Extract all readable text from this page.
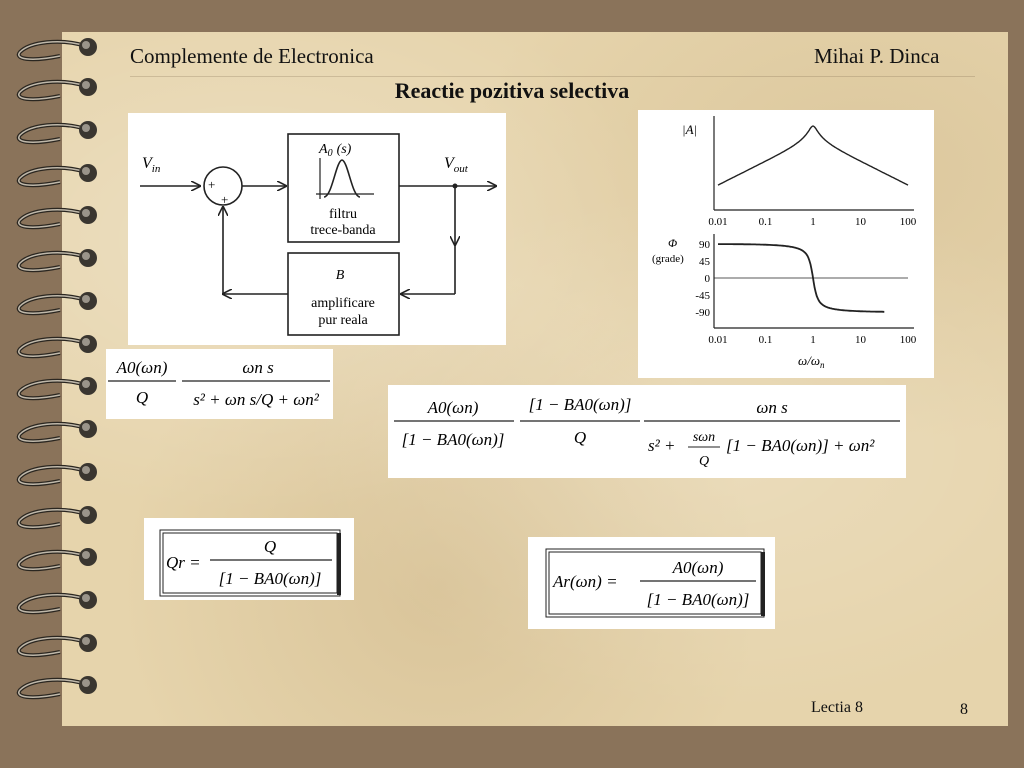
Complemente de Electronica	Mihai P. Dinca
Reactie pozitiva selectiva
$V_{in}$	$V_{out}$
+
+
$A_0$ (s)
filtru
trece-banda
B
amplificare
pur reala
0.01	0.1	1	10	100
0.01	0.1	1	10	100
90
45
0
-45
-90
|A|
Φ
(grade)
$\omega/\omega_n$
A0(ωn)
Q
ωn s
s² + ωn s/Q + ωn²	A0(ωn)
[1 − BA0(ωn)]
[1 − BA0(ωn)]
Q
ωn s
s² + sωn
Q
[1 − BA0(ωn)] + ωn²
Qr =
Q
[1 − BA0(ωn)]	Ar(ωn) =
A0(ωn)
[1 − BA0(ωn)]
Lectia 8	8
